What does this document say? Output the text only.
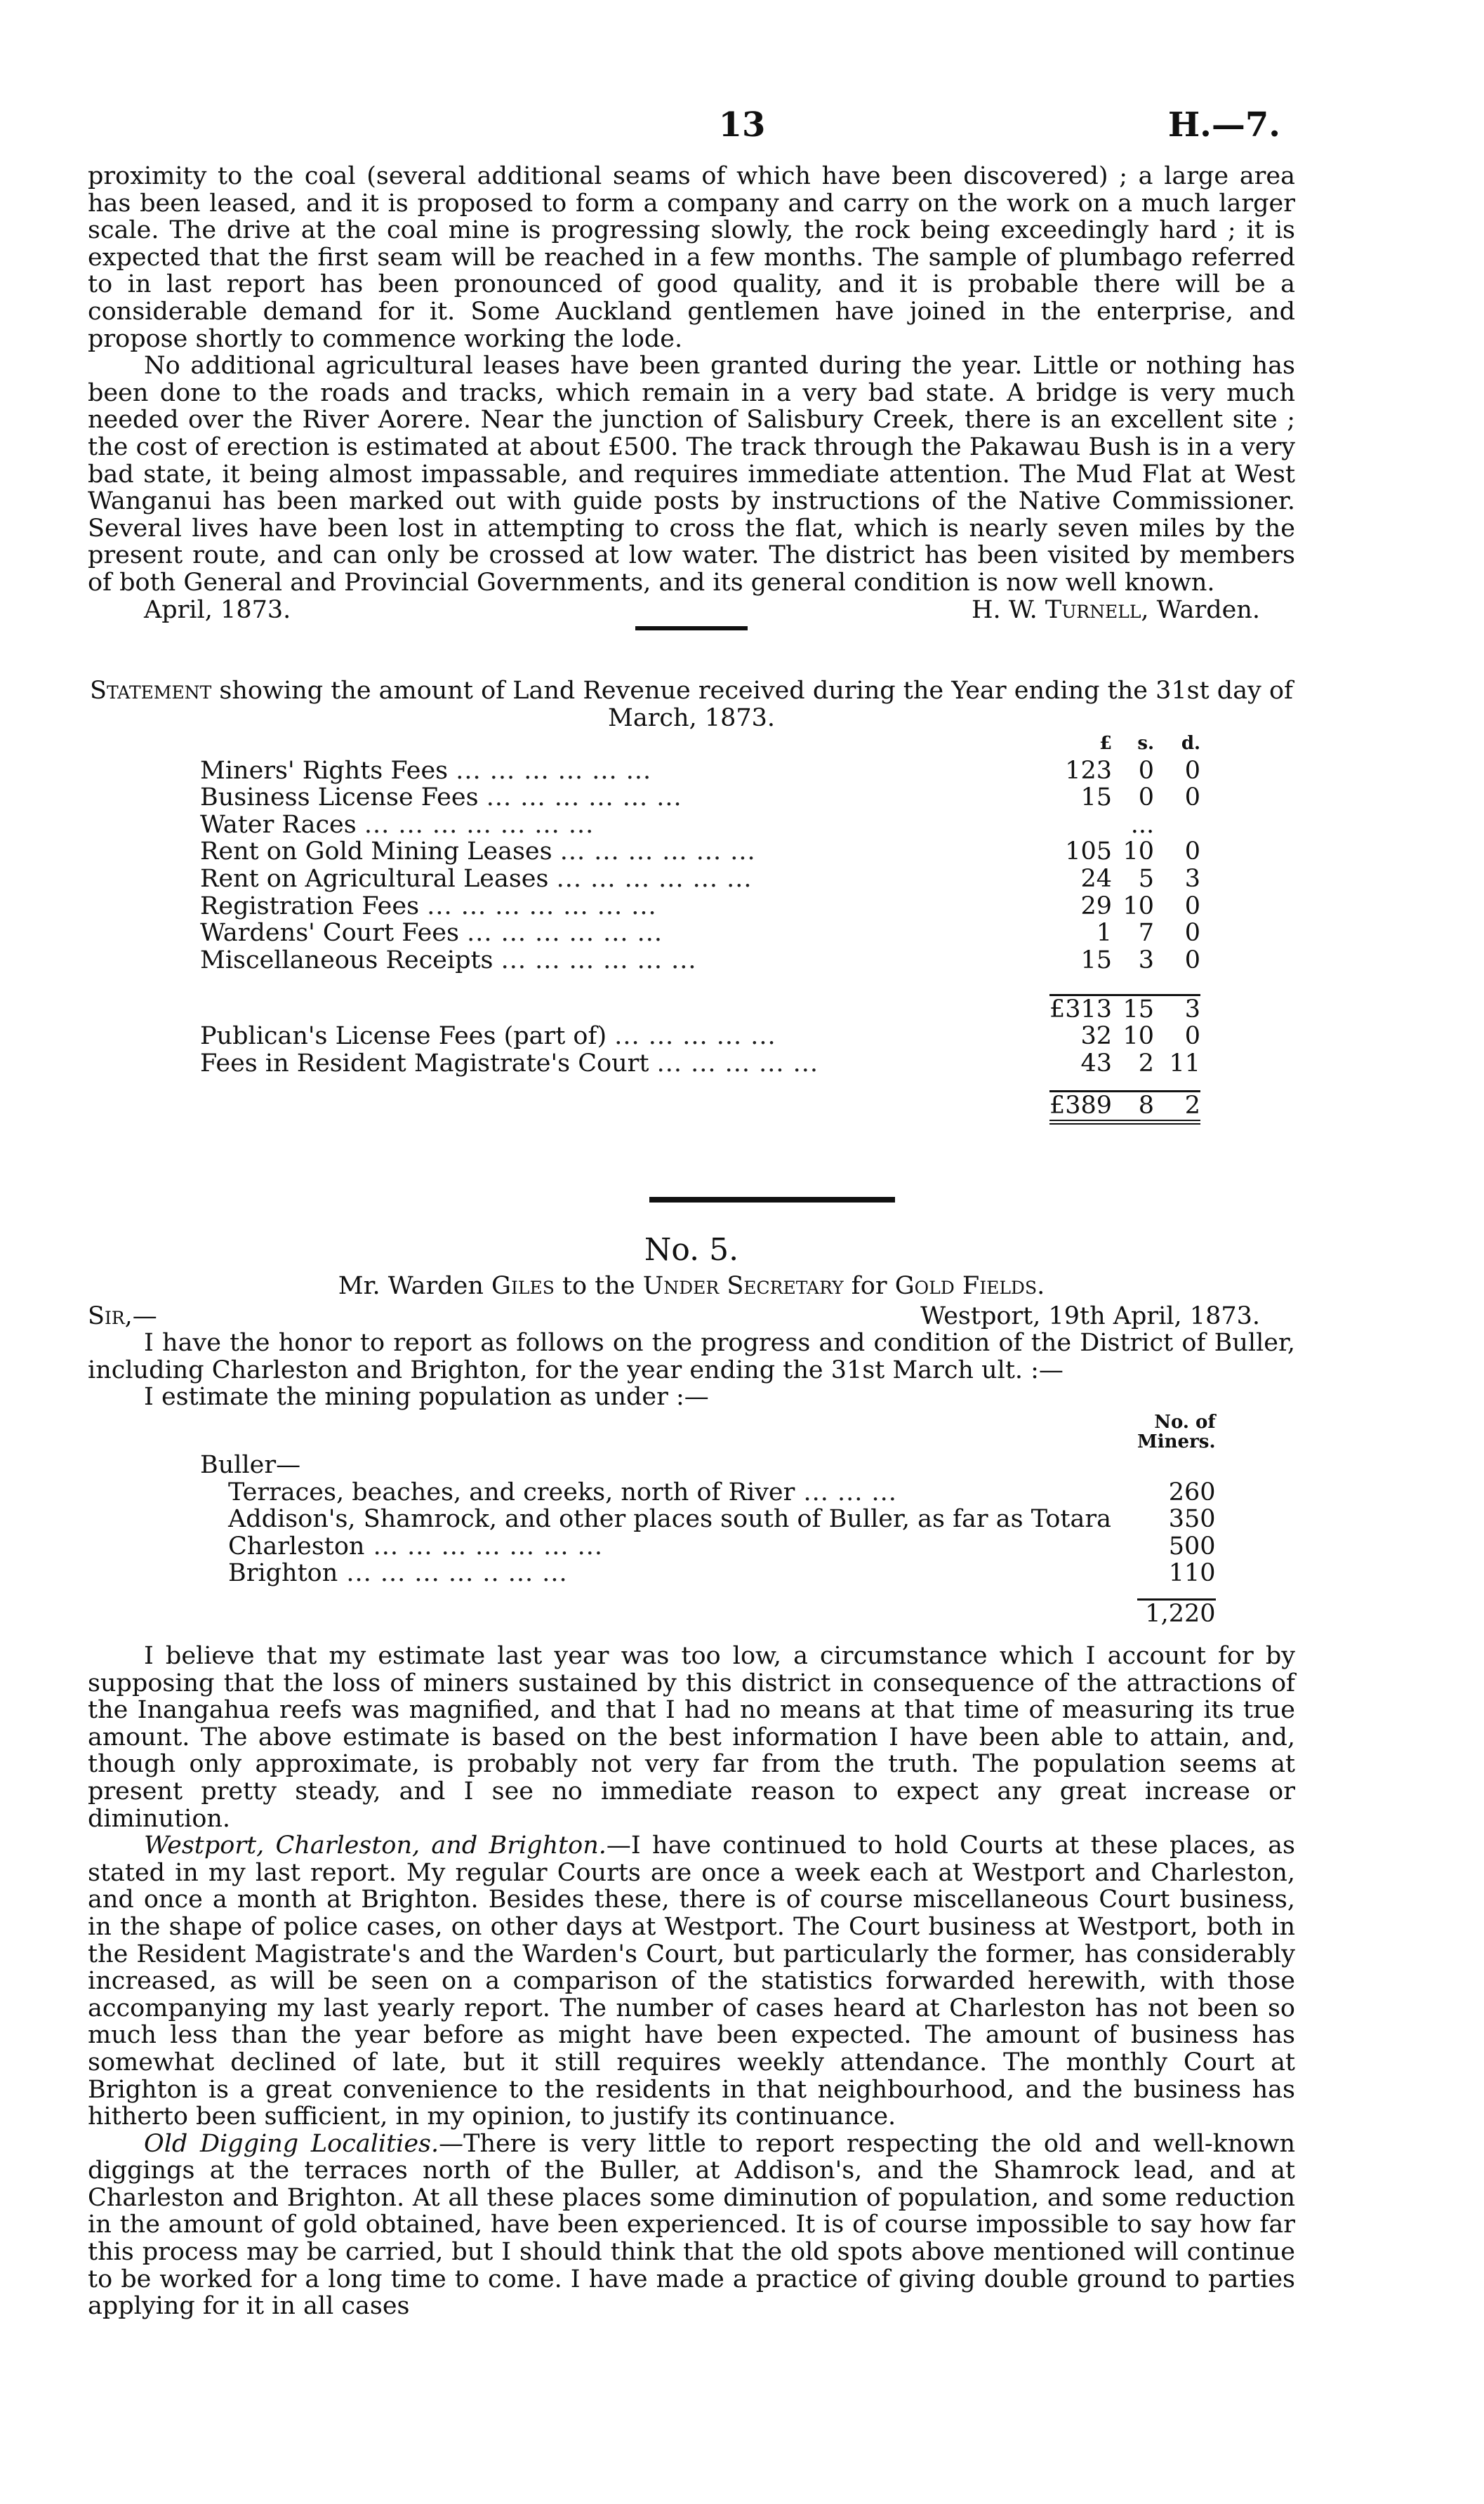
13	H.—7.

proximity to the coal (several additional seams of which have been discovered) ; a large area has been leased, and it is proposed to form a company and carry on the work on a much larger scale. The drive at the coal mine is progressing slowly, the rock being exceedingly hard ; it is expected that the first seam will be reached in a few months. The sample of plumbago referred to in last report has been pronounced of good quality, and it is probable there will be a considerable demand for it. Some Auckland gentlemen have joined in the enterprise, and propose shortly to commence working the lode.

No additional agricultural leases have been granted during the year. Little or nothing has been done to the roads and tracks, which remain in a very bad state. A bridge is very much needed over the River Aorere. Near the junction of Salisbury Creek, there is an excellent site ; the cost of erection is estimated at about £500. The track through the Pakawau Bush is in a very bad state, it being almost impassable, and requires immediate attention. The Mud Flat at West Wanganui has been marked out with guide posts by instructions of the Native Commissioner. Several lives have been lost in attempting to cross the flat, which is nearly seven miles by the present route, and can only be crossed at low water. The district has been visited by members of both General and Provincial Governments, and its general condition is now well known.

April, 1873.	H. W. Turnell, Warden.

Statement showing the amount of Land Revenue received during the Year ending the 31st day of March, 1873.

	£	s.	d.
Miners' Rights Fees ... ... ... ... ... ...	123	0	0
Business License Fees ... ... ... ... ... ...	15	0	0
Water Races ... ... ... ... ... ... ...		...	
Rent on Gold Mining Leases ... ... ... ... ... ...	105	10	0
Rent on Agricultural Leases ... ... ... ... ... ...	24	5	3
Registration Fees ... ... ... ... ... ... ...	29	10	0
Wardens' Court Fees ... ... ... ... ... ...	1	7	0
Miscellaneous Receipts ... ... ... ... ... ...	15	3	0

	£313	15	3
Publican's License Fees (part of) ... ... ... ... ...	32	10	0
Fees in Resident Magistrate's Court ... ... ... ... ...	43	2	11

	£389	8	2
No. 5.
Mr. Warden Giles to the Under Secretary for Gold Fields.
Sir,—	Westport, 19th April, 1873.

I have the honor to report as follows on the progress and condition of the District of Buller, including Charleston and Brighton, for the year ending the 31st March ult. :—

I estimate the mining population as under :—

	No. of
Miners.

Buller—	
Terraces, beaches, and creeks, north of River ... ... ...	260
Addison's, Shamrock, and other places south of Buller, as far as Totara	350
Charleston ... ... ... ... ... ... ...	500
Brighton ... ... ... ... .. ... ...	110

	1,220

I believe that my estimate last year was too low, a circumstance which I account for by supposing that the loss of miners sustained by this district in consequence of the attractions of the Inangahua reefs was magnified, and that I had no means at that time of measuring its true amount. The above estimate is based on the best information I have been able to attain, and, though only approximate, is probably not very far from the truth. The population seems at present pretty steady, and I see no immediate reason to expect any great increase or diminution.

Westport, Charleston, and Brighton.—I have continued to hold Courts at these places, as stated in my last report. My regular Courts are once a week each at Westport and Charleston, and once a month at Brighton. Besides these, there is of course miscellaneous Court business, in the shape of police cases, on other days at Westport. The Court business at Westport, both in the Resident Magistrate's and the Warden's Court, but particularly the former, has considerably increased, as will be seen on a comparison of the statistics forwarded herewith, with those accompanying my last yearly report. The number of cases heard at Charleston has not been so much less than the year before as might have been expected. The amount of business has somewhat declined of late, but it still requires weekly attendance. The monthly Court at Brighton is a great convenience to the residents in that neighbourhood, and the business has hitherto been sufficient, in my opinion, to justify its continuance.

Old Digging Localities.—There is very little to report respecting the old and well-known diggings at the terraces north of the Buller, at Addison's, and the Shamrock lead, and at Charleston and Brighton. At all these places some diminution of population, and some reduction in the amount of gold obtained, have been experienced. It is of course impossible to say how far this process may be carried, but I should think that the old spots above mentioned will continue to be worked for a long time to come. I have made a practice of giving double ground to parties applying for it in all cases
